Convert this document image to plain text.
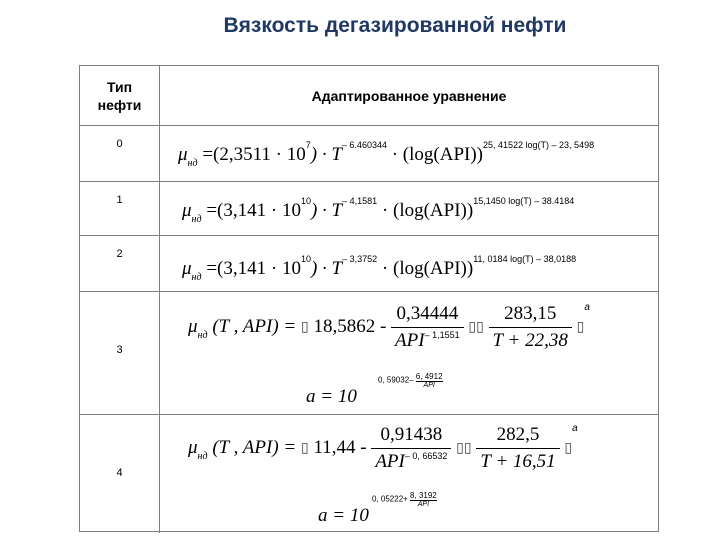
Вязкость дегазированной нефти
Тип
нефти
Адаптированное уравнение
0	$\mu_{нд} =(2,3511 \cdot 10^7) \cdot T^{- 6.460344} \cdot (\log(API))^{25, 41522 log(T) - 23, 5498}$
1	$\mu_{нд} =(3,141 \cdot 10^{10}) \cdot T^{- 4,1581} \cdot (\log(API))^{15,1450 log(T) - 38.4184}$
2
$\mu_{нд} =(3,141 \cdot 10^{10}) \cdot T^{- 3,3752} \cdot (\log(API))^{11, 0184 log(T) - 38,0188}$
3
$\mu_{нд}$ (T , API) = ▯ $18,5862 - \frac{0,34444}{API^{- 1,1551}}$ ▯▯ $\frac{283,15}{T + 22,38}$ ▯$^a$
a = 10
0, 59032– 6, 4912
API
4
$\mu_{нд}$ (T , API) = ▯ $11,44 - \frac{0,91438}{API^{- 0, 66532}}$ ▯▯ $\frac{282,5}{T + 16,51}$ ▯$^a$
a = 10
0, 05222+ 8, 3192
API
